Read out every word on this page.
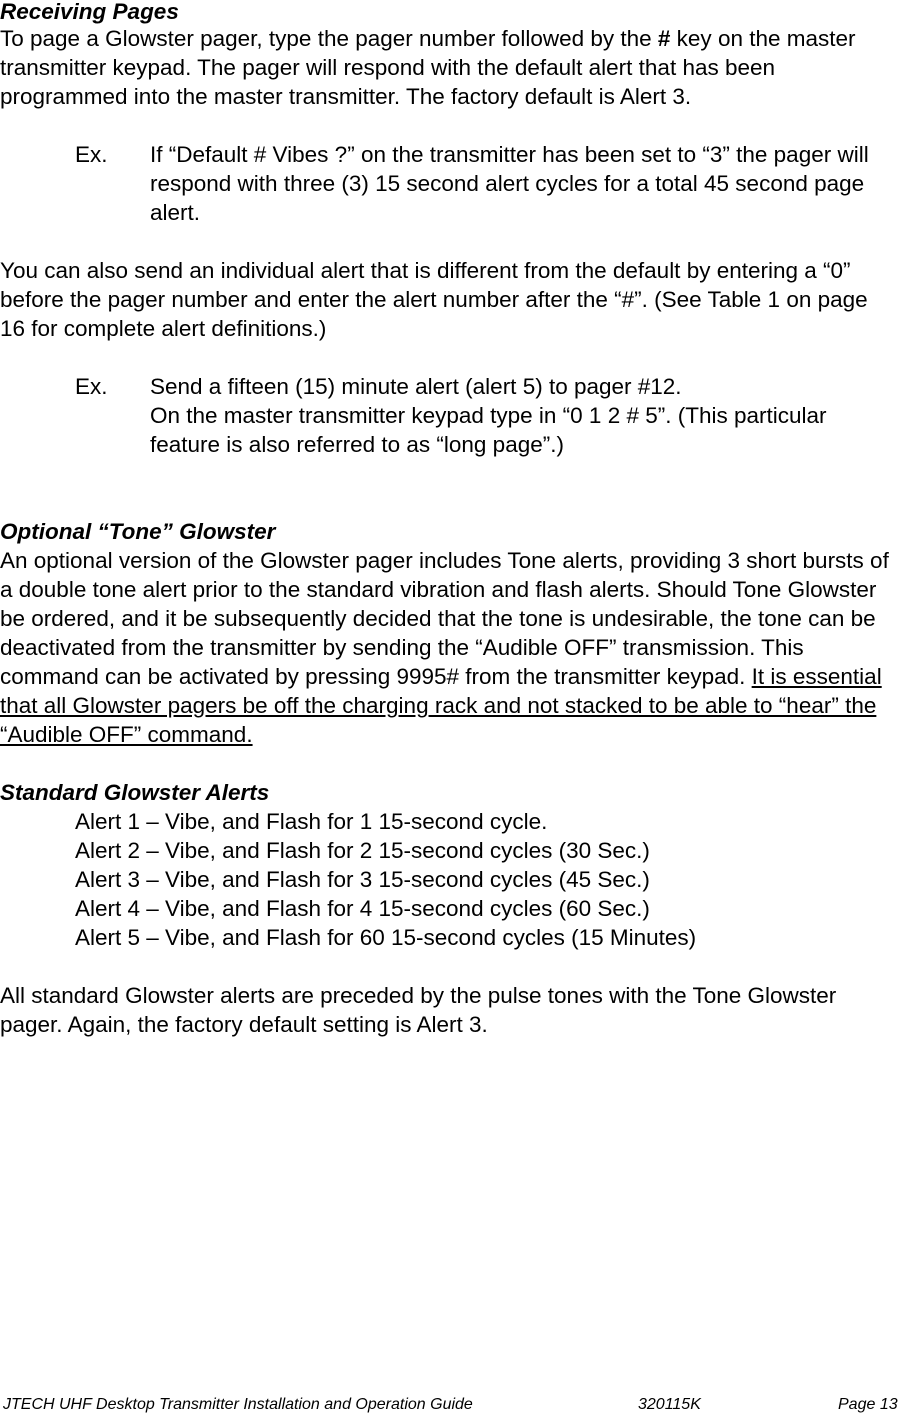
Receiving Pages

To page a Glowster pager, type the pager number followed by the # key on the master transmitter keypad. The pager will respond with the default alert that has been programmed into the master transmitter. The factory default is Alert 3.

Ex. If “Default # Vibes ?” on the transmitter has been set to “3” the pager will respond with three (3) 15 second alert cycles for a total 45 second page alert.

You can also send an individual alert that is different from the default by entering a “0” before the pager number and enter the alert number after the “#”. (See Table 1 on page 16 for complete alert definitions.)

Ex. Send a fifteen (15) minute alert (alert 5) to pager #12.
On the master transmitter keypad type in “0 1 2 # 5”. (This particular feature is also referred to as “long page”.)
Optional “Tone” Glowster

An optional version of the Glowster pager includes Tone alerts, providing 3 short bursts of a double tone alert prior to the standard vibration and flash alerts. Should Tone Glowster be ordered, and it be subsequently decided that the tone is undesirable, the tone can be deactivated from the transmitter by sending the “Audible OFF” transmission. This command can be activated by pressing 9995# from the transmitter keypad. It is essential that all Glowster pagers be off the charging rack and not stacked to be able to “hear” the “Audible OFF” command.

Standard Glowster Alerts
Alert 1 – Vibe, and Flash for 1 15-second cycle.
Alert 2 – Vibe, and Flash for 2 15-second cycles (30 Sec.)
Alert 3 – Vibe, and Flash for 3 15-second cycles (45 Sec.)
Alert 4 – Vibe, and Flash for 4 15-second cycles (60 Sec.)
Alert 5 – Vibe, and Flash for 60 15-second cycles (15 Minutes)

All standard Glowster alerts are preceded by the pulse tones with the Tone Glowster pager. Again, the factory default setting is Alert 3.

JTECH UHF Desktop Transmitter Installation and Operation Guide	320115K	Page 13
